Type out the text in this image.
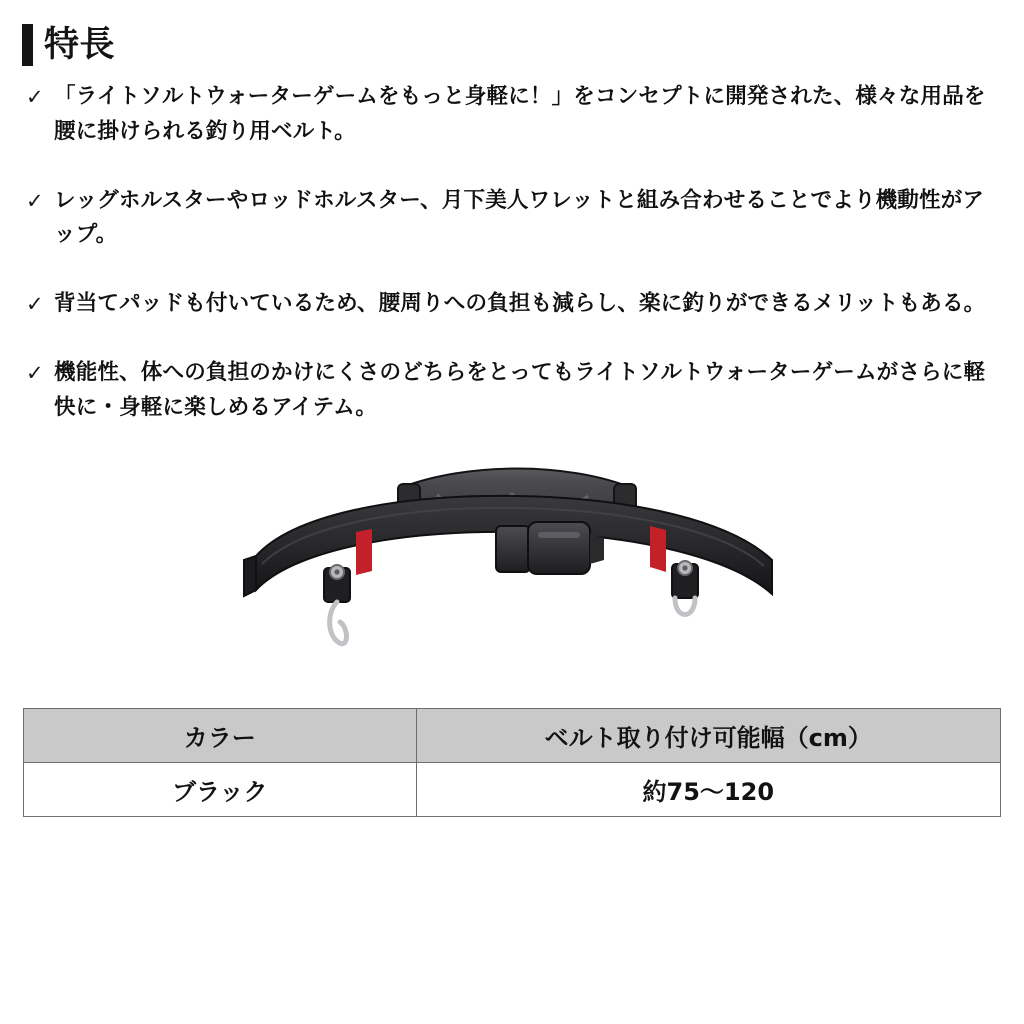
特長
✓ 「ライトソルトウォーターゲームをもっと身軽に！」をコンセプトに開発された、様々な用品を腰に掛けられる釣り用ベルト。
✓ レッグホルスターやロッドホルスター、月下美人ワレットと組み合わせることでより機動性がアップ。
✓ 背当てパッドも付いているため、腰周りへの負担も減らし、楽に釣りができるメリットもある。
✓ 機能性、体への負担のかけにくさのどちらをとってもライトソルトウォーターゲームがさらに軽快に・身軽に楽しめるアイテム。
カラー	ベルト取り付け可能幅（cm）
ブラック	約75〜120
